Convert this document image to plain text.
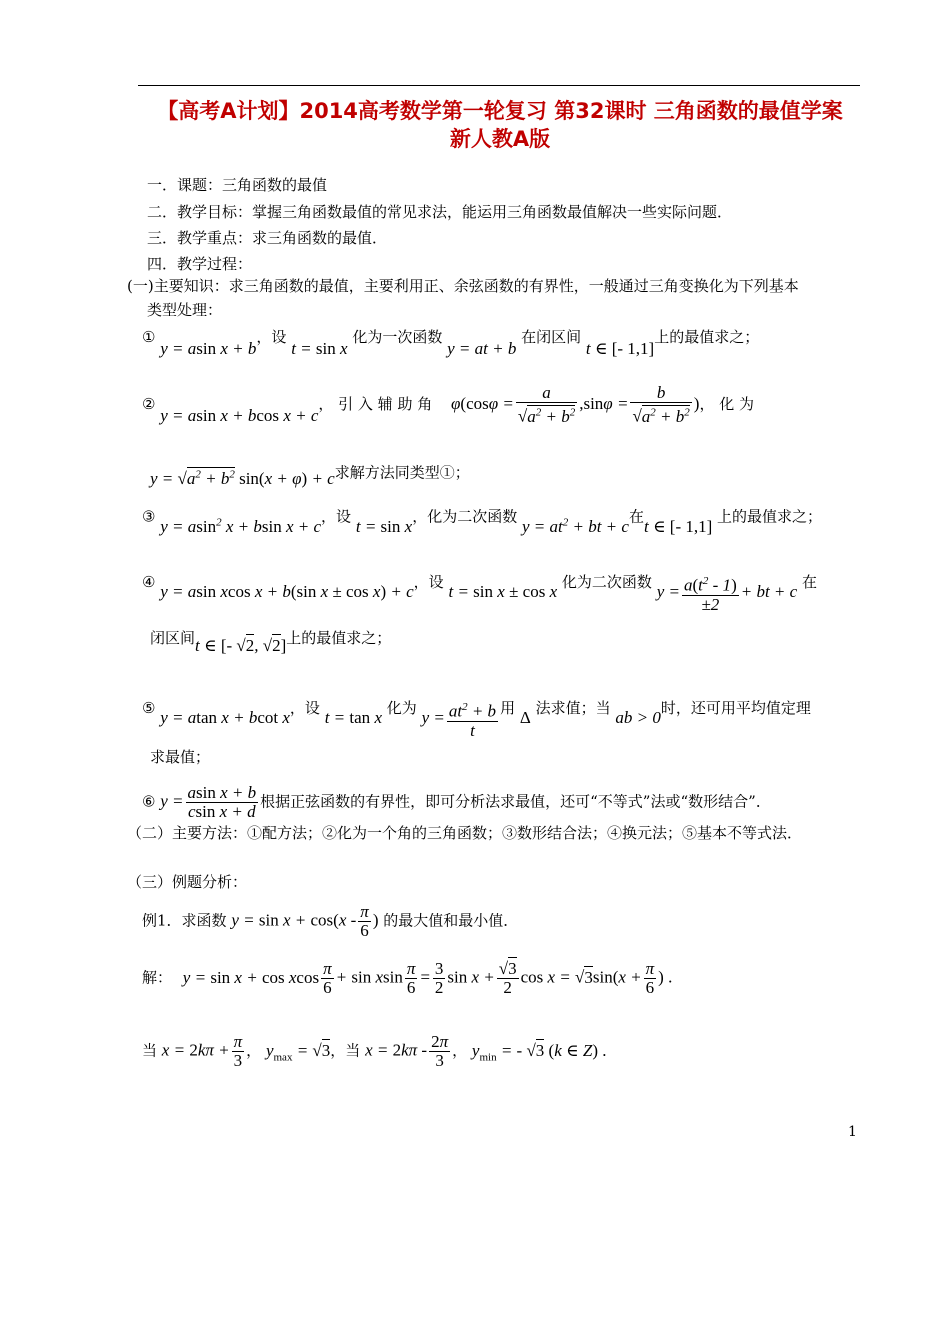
【高考A计划】2014高考数学第一轮复习 第32课时 三角函数的最值学案
新人教A版
一．课题：三角函数的最值
二．教学目标：掌握三角函数最值的常见求法，能运用三角函数最值解决一些实际问题．
三．教学重点：求三角函数的最值．
四．教学过程：
(一)主要知识：求三角函数的最值，主要利用正、余弦函数的有界性，一般通过三角变换化为下列基本
类型处理：
① y = asin x + b，设 t = sin x 化为一次函数 y = at + b 在闭区间 t ∈ [- 1,1]上的最值求之；
② y = asin x + bcos x + c， 引 入 辅 助 角 $\varphi(\cos\varphi = \frac{a}{√a^2 + b^2} ,\sin\varphi = \frac{b}{√a^2 + b^2}$ )， 化 为
$y = √a^2 + b^2$ sin(x + φ) + c求解方法同类型①；
③ y = asin$^2$ x + bsin x + c，设 t = sin x，化为二次函数 $y = at^2$ + bt + c在t ∈ [- 1,1] 上的最值求之；
④ y = asin xcos x + b(sin x ± cos x) + c，设 t = sin x ± cos x 化为二次函数 $y = \frac{a(t^2 - 1)}{\pm 2}$ + bt + c 在
闭区间t ∈ [- √2, √2]上的最值求之；
⑤ y = atan x + bcot x，设 t = tan x 化为 $y = \frac{at^2 + b}{t}$ 用 Δ 法求值；当 ab > 0时，还可用平均值定理
求最值；
⑥ $y = \frac{\text{asin x + b}}{\text{csin x + d}}$ 根据正弦函数的有界性，即可分析法求最值，还可“不等式”法或“数形结合”．
（二）主要方法：①配方法；②化为一个角的三角函数；③数形结合法；④换元法；⑤基本不等式法．
（三）例题分析：
例1．求函数 $y = \sin x + \cos(x - \frac{\pi}{6}$ ) 的最大值和最小值．
解： y = sin x + cos xcos $\frac{\pi}{6} + \sin xsin \frac{\pi}{6} = \frac{3}{2}$ $\sin x + \frac{√3}{2}$ $\cos x = √3\sin(x + \frac{\pi}{6}$ ) .
当 $x = 2k\pi + \frac{\pi}{3}$ ， $y_{max} = √3$，当 $x = 2k\pi - \frac{2\pi}{3}$ ， $y_{min}$ = - √3 (k ∈ Z) .
1
